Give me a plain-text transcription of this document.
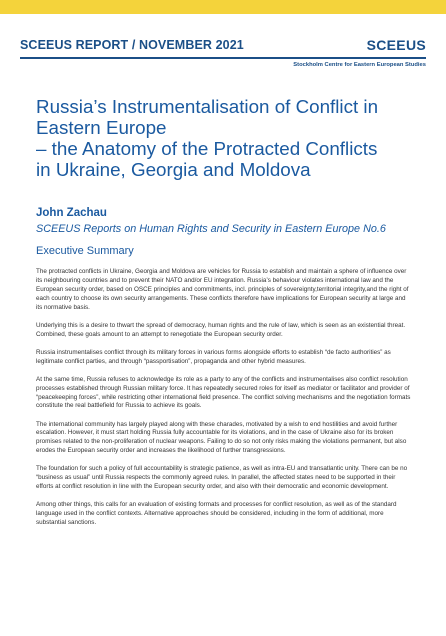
SCEEUS REPORT / NOVEMBER 2021	SCEEUS
Stockholm Centre for Eastern European Studies
Russia’s Instrumentalisation of Conflict in
Eastern Europe
– the Anatomy of the Protracted Conflicts
in Ukraine, Georgia and Moldova
John Zachau
SCEEUS Reports on Human Rights and Security in Eastern Europe No.6
Executive Summary

The protracted conflicts in Ukraine, Georgia and Moldova are vehicles for Russia to establish and maintain a sphere of influence over its neighbouring countries and to prevent their NATO and/or EU integration. Russia’s behaviour violates international law and the European security order, based on OSCE principles and commitments, incl. principles of sovereignty,territorial integrity,and the right of each country to choose its own security arrangements. These conflicts therefore have implications for European security at large and its normative basis.

Underlying this is a desire to thwart the spread of democracy, human rights and the rule of law, which is seen as an existential threat. Combined, these goals amount to an attempt to renegotiate the European security order.

Russia instrumentalises conflict through its military forces in various forms alongside efforts to establish “de facto authorities” as legitimate conflict parties, and through “passportisation”, propaganda and other hybrid measures.

At the same time, Russia refuses to acknowledge its role as a party to any of the conflicts and instrumentalises also conflict resolution processes established through Russian military force. It has repeatedly secured roles for itself as mediator or facilitator and provider of “peacekeeping forces”, while restricting other international field presence. The conflict solving mechanisms and the negotiation formats constitute the real battlefield for Russia to achieve its goals.

The international community has largely played along with these charades, motivated by a wish to end hostilities and avoid further escalation. However, it must start holding Russia fully accountable for its violations, and in the case of Ukraine also for its broken promises related to the non-proliferation of nuclear weapons. Failing to do so not only risks making the violations permanent, but also erodes the European security order and increases the likelihood of further transgressions.

The foundation for such a policy of full accountability is strategic patience, as well as intra-EU and transatlantic unity. There can be no “business as usual” until Russia respects the commonly agreed rules. In parallel, the affected states need to be supported in their efforts at conflict resolution in line with the European security order, and also with their democratic and economic development.

Among other things, this calls for an evaluation of existing formats and processes for conflict resolution, as well as of the standard language used in the conflict contexts. Alternative approaches should be considered, including in the form of additional, more substantial sanctions.
